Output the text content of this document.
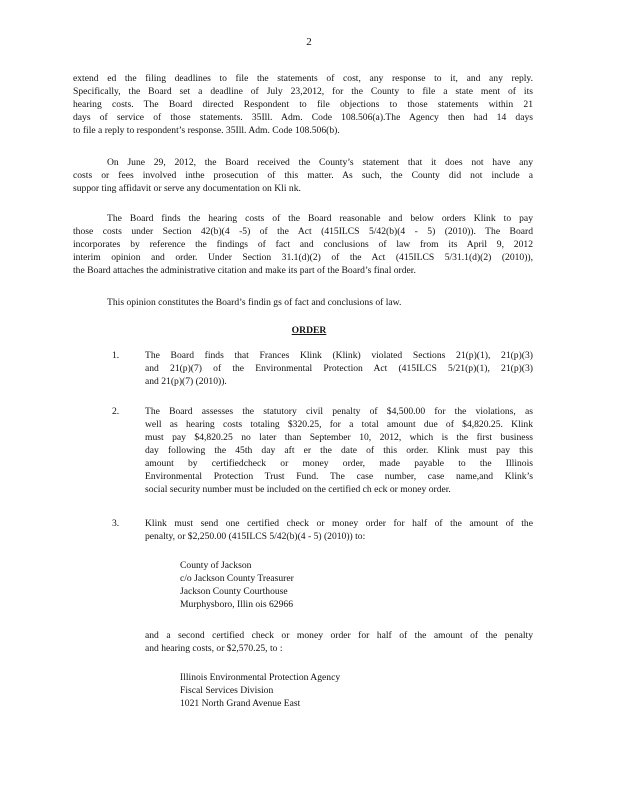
2
extend ed the filing deadlines to file the statements of cost, any response to it, and any reply.
Specifically, the Board set a deadline of July 23,2012, for the County to file a state ment of its
hearing costs. The Board directed Respondent to file objections to those statements within 21
days of service of those statements. 35Ill. Adm. Code 108.506(a).The Agency then had 14 days
to file a reply to respondent’s response. 35Ill. Adm. Code 108.506(b).
On June 29, 2012, the Board received the County’s statement that it does not have any
costs or fees involved inthe prosecution of this matter. As such, the County did not include a
suppor ting affidavit or serve any documentation on Kli nk.
The Board finds the hearing costs of the Board reasonable and below orders Klink to pay
those costs under Section 42(b)(4 -5) of the Act (415ILCS 5/42(b)(4 - 5) (2010)). The Board
incorporates by reference the findings of fact and conclusions of law from its April 9, 2012
interim opinion and order. Under Section 31.1(d)(2) of the Act (415ILCS 5/31.1(d)(2) (2010)),
the Board attaches the administrative citation and make its part of the Board’s final order.
This opinion constitutes the Board’s findin gs of fact and conclusions of law.
ORDER
1.	The Board finds that Frances Klink (Klink) violated Sections 21(p)(1), 21(p)(3)
and 21(p)(7) of the Environmental Protection Act (415ILCS 5/21(p)(1), 21(p)(3)
and 21(p)(7) (2010)).
2.	The Board assesses the statutory civil penalty of $4,500.00 for the violations, as
well as hearing costs totaling $320.25, for a total amount due of $4,820.25. Klink
must pay $4,820.25 no later than September 10, 2012, which is the first business
day following the 45th day aft er the date of this order. Klink must pay this
amount by certifiedcheck or money order, made payable to the Illinois
Environmental Protection Trust Fund. The case number, case name,and Klink’s
social security number must be included on the certified ch eck or money order.
3.	Klink must send one certified check or money order for half of the amount of the
penalty, or $2,250.00 (415ILCS 5/42(b)(4 - 5) (2010)) to:
County of Jackson
c/o Jackson County Treasurer
Jackson County Courthouse
Murphysboro, Illin ois 62966
and a second certified check or money order for half of the amount of the penalty
and hearing costs, or $2,570.25, to :
Illinois Environmental Protection Agency
Fiscal Services Division
1021 North Grand Avenue East
